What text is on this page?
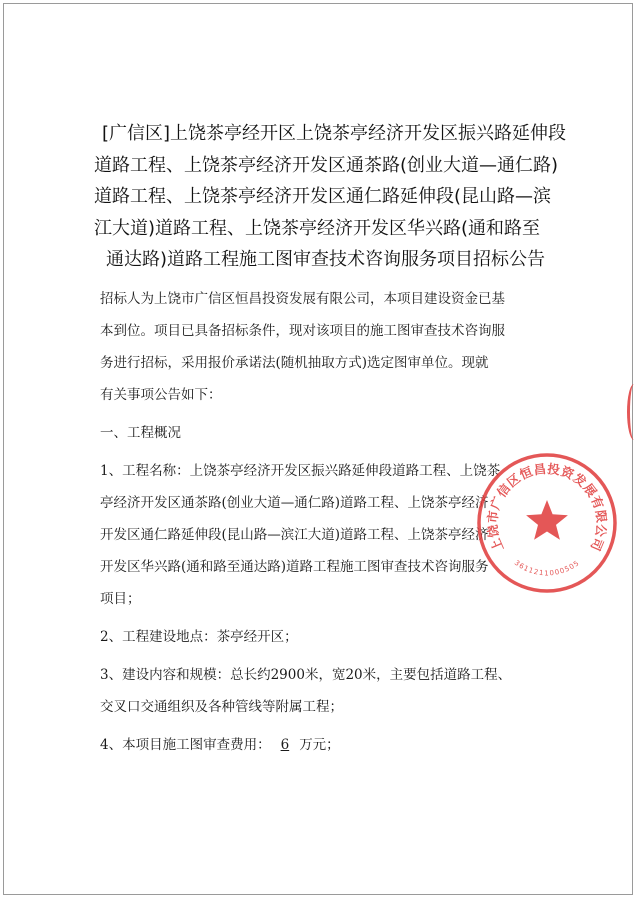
[广信区]上饶茶亭经开区上饶茶亭经济开发区振兴路延伸段
道路工程、上饶茶亭经济开发区通茶路(创业大道—通仁路)
道路工程、上饶茶亭经济开发区通仁路延伸段(昆山路—滨
江大道)道路工程、上饶茶亭经济开发区华兴路(通和路至
通达路)道路工程施工图审查技术咨询服务项目招标公告
招标人为上饶市广信区恒昌投资发展有限公司，本项目建设资金已基
本到位。项目已具备招标条件，现对该项目的施工图审查技术咨询服
务进行招标，采用报价承诺法(随机抽取方式)选定图审单位。现就
有关事项公告如下：
一、工程概况
1、工程名称：上饶茶亭经济开发区振兴路延伸段道路工程、上饶茶
亭经济开发区通茶路(创业大道—通仁路)道路工程、上饶茶亭经济
开发区通仁路延伸段(昆山路—滨江大道)道路工程、上饶茶亭经济
开发区华兴路(通和路至通达路)道路工程施工图审查技术咨询服务
项目；
2、工程建设地点：茶亭经开区；
3、建设内容和规模：总长约2900米，宽20米，主要包括道路工程、
交叉口交通组织及各种管线等附属工程；
4、本项目施工图审查费用： 6 万元；
上饶市广信区恒昌投资发展有限公司
3611211000505
